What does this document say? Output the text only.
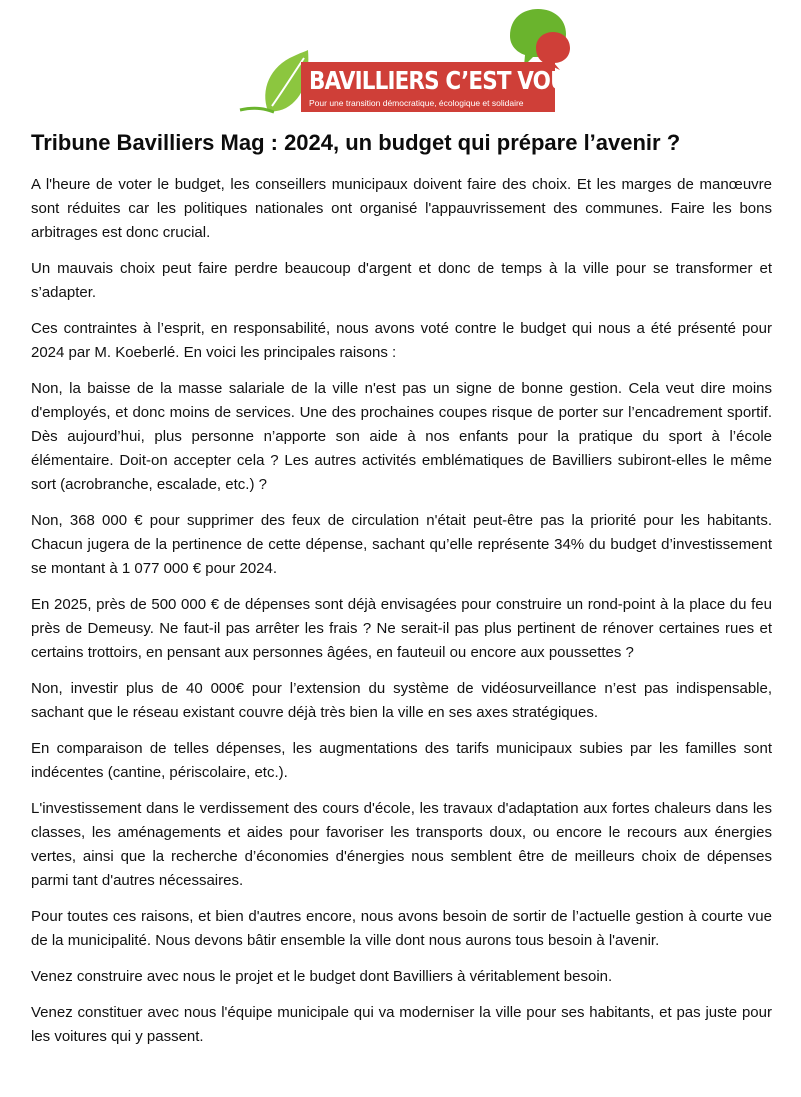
BAVILLIERS C’EST VOUS
Pour une transition démocratique, écologique et solidaire
Tribune Bavilliers Mag : 2024, un budget qui prépare l’avenir ?

A l'heure de voter le budget, les conseillers municipaux doivent faire des choix. Et les marges de manœuvre sont réduites car les politiques nationales ont organisé l'appauvrissement des communes. Faire les bons arbitrages est donc crucial.

Un mauvais choix peut faire perdre beaucoup d'argent et donc de temps à la ville pour se transformer et s’adapter.

Ces contraintes à l’esprit, en responsabilité, nous avons voté contre le budget qui nous a été présenté pour 2024 par M. Koeberlé. En voici les principales raisons :

Non, la baisse de la masse salariale de la ville n'est pas un signe de bonne gestion. Cela veut dire moins d'employés, et donc moins de services. Une des prochaines coupes risque de porter sur l’encadrement sportif. Dès aujourd’hui, plus personne n’apporte son aide à nos enfants pour la pratique du sport à l’école élémentaire. Doit-on accepter cela ? Les autres activités emblématiques de Bavilliers subiront-elles le même sort (acrobranche, escalade, etc.) ?

Non, 368 000 € pour supprimer des feux de circulation n'était peut-être pas la priorité pour les habitants. Chacun jugera de la pertinence de cette dépense, sachant qu’elle représente 34% du budget d’investissement se montant à 1 077 000 € pour 2024.

En 2025, près de 500 000 € de dépenses sont déjà envisagées pour construire un rond-point à la place du feu près de Demeusy. Ne faut-il pas arrêter les frais ? Ne serait-il pas plus pertinent de rénover certaines rues et certains trottoirs, en pensant aux personnes âgées, en fauteuil ou encore aux poussettes ?

Non, investir plus de 40 000€ pour l’extension du système de vidéosurveillance n’est pas indispensable, sachant que le réseau existant couvre déjà très bien la ville en ses axes stratégiques.

En comparaison de telles dépenses, les augmentations des tarifs municipaux subies par les familles sont indécentes (cantine, périscolaire, etc.).

L'investissement dans le verdissement des cours d'école, les travaux d'adaptation aux fortes chaleurs dans les classes, les aménagements et aides pour favoriser les transports doux, ou encore le recours aux énergies vertes, ainsi que la recherche d’économies d'énergies nous semblent être de meilleurs choix de dépenses parmi tant d'autres nécessaires.

Pour toutes ces raisons, et bien d'autres encore, nous avons besoin de sortir de l’actuelle gestion à courte vue de la municipalité. Nous devons bâtir ensemble la ville dont nous aurons tous besoin à l'avenir.

Venez construire avec nous le projet et le budget dont Bavilliers à véritablement besoin.

Venez constituer avec nous l'équipe municipale qui va moderniser la ville pour ses habitants, et pas juste pour les voitures qui y passent.
